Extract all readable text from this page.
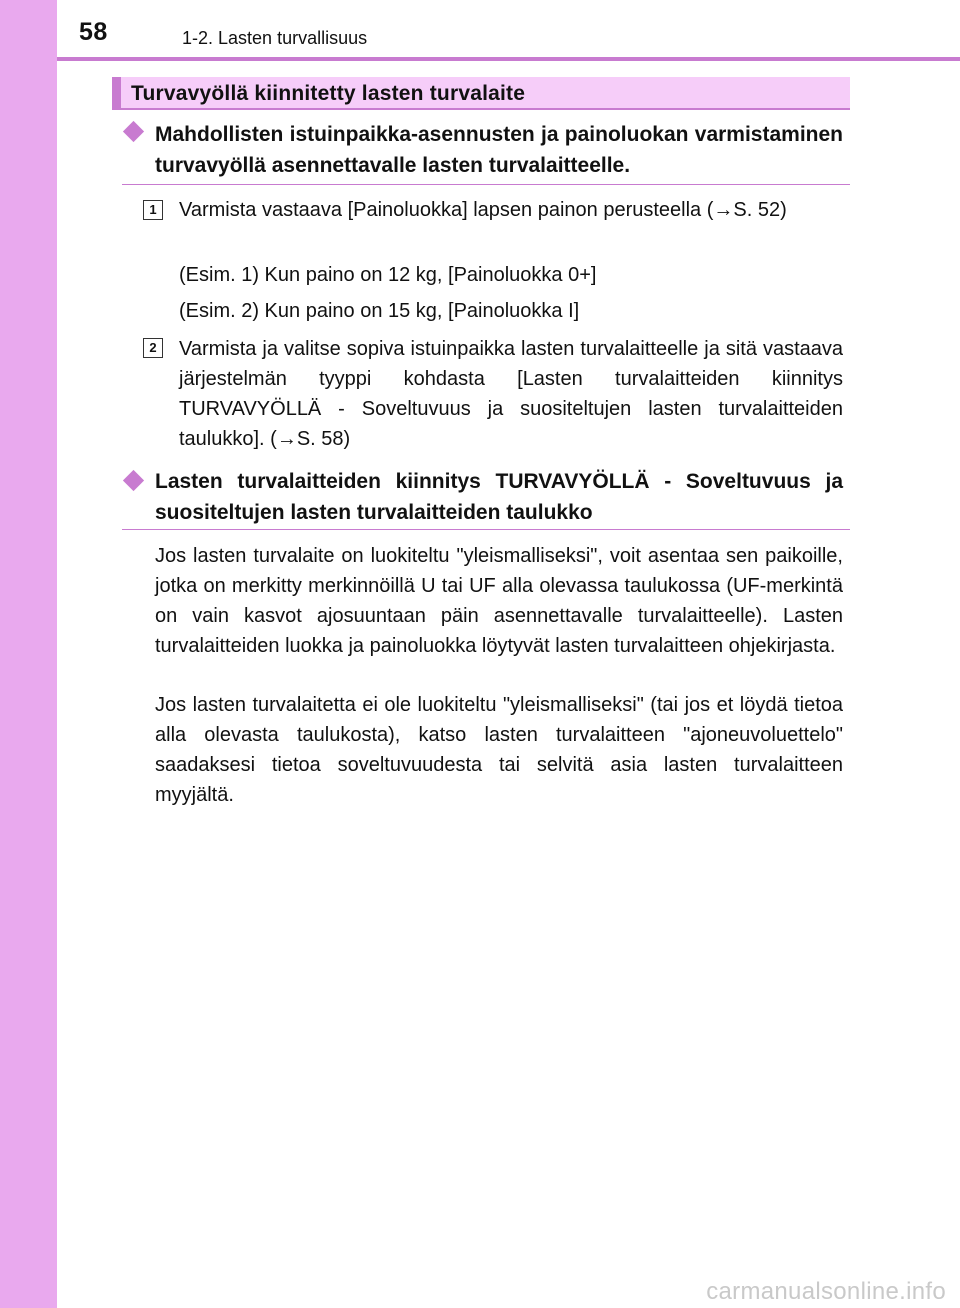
58	1-2. Lasten turvallisuus
Turvavyöllä kiinnitetty lasten turvalaite
Mahdollisten istuinpaikka-asennusten ja painoluokan varmistaminen turvavyöllä asennettavalle lasten turvalaitteelle.
1	Varmista vastaava [Painoluokka] lapsen painon perusteella (→S. 52)
(Esim. 1) Kun paino on 12 kg, [Painoluokka 0+]
(Esim. 2) Kun paino on 15 kg, [Painoluokka I]
2	Varmista ja valitse sopiva istuinpaikka lasten turvalaitteelle ja sitä vastaava järjestelmän tyyppi kohdasta [Lasten turvalaitteiden kiinnitys TURVAVYÖLLÄ - Soveltuvuus ja suositeltujen lasten turvalaitteiden taulukko]. (→S. 58)
Lasten turvalaitteiden kiinnitys TURVAVYÖLLÄ - Soveltuvuus ja suositeltujen lasten turvalaitteiden taulukko
Jos lasten turvalaite on luokiteltu "yleismalliseksi", voit asentaa sen paikoille, jotka on merkitty merkinnöillä U tai UF alla olevassa taulukossa (UF-merkintä on vain kasvot ajosuuntaan päin asennettavalle turvalaitteelle). Lasten turvalaitteiden luokka ja painoluokka löytyvät lasten turvalaitteen ohjekirjasta.
Jos lasten turvalaitetta ei ole luokiteltu "yleismalliseksi" (tai jos et löydä tietoa alla olevasta taulukosta), katso lasten turvalaitteen "ajoneuvoluettelo" saadaksesi tietoa soveltuvuudesta tai selvitä asia lasten turvalaitteen myyjältä.
carmanualsonline.info
